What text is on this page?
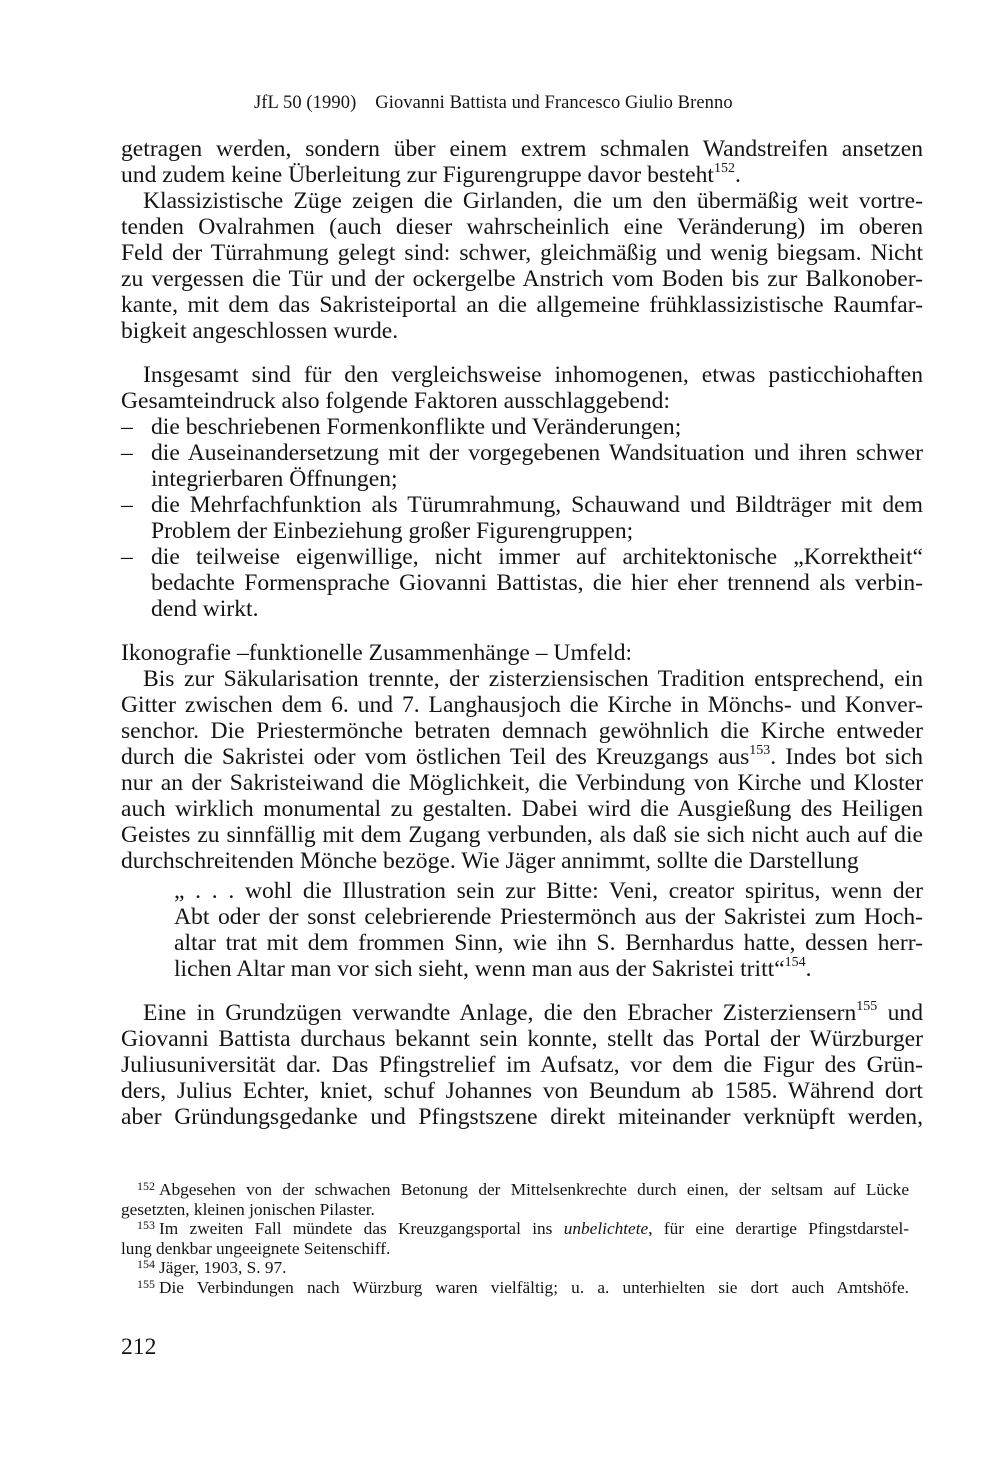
JfL 50 (1990)    Giovanni Battista und Francesco Giulio Brenno
getragen werden, sondern über einem extrem schmalen Wandstreifen ansetzen
und zudem keine Überleitung zur Figurengruppe davor besteht$^{152}$.
Klassizistische Züge zeigen die Girlanden, die um den übermäßig weit vortre-
tenden Ovalrahmen (auch dieser wahrscheinlich eine Veränderung) im oberen
Feld der Türrahmung gelegt sind: schwer, gleichmäßig und wenig biegsam. Nicht
zu vergessen die Tür und der ockergelbe Anstrich vom Boden bis zur Balkonober-
kante, mit dem das Sakristeiportal an die allgemeine frühklassizistische Raumfar-
bigkeit angeschlossen wurde.
Insgesamt sind für den vergleichsweise inhomogenen, etwas pasticchiohaften
Gesamteindruck also folgende Faktoren ausschlaggebend:
– die beschriebenen Formenkonflikte und Veränderungen;
– die Auseinandersetzung mit der vorgegebenen Wandsituation und ihren schwer
integrierbaren Öffnungen;
– die Mehrfachfunktion als Türumrahmung, Schauwand und Bildträger mit dem
Problem der Einbeziehung großer Figurengruppen;
– die teilweise eigenwillige, nicht immer auf architektonische „Korrektheit“
bedachte Formensprache Giovanni Battistas, die hier eher trennend als verbin-
dend wirkt.
Ikonografie –funktionelle Zusammenhänge – Umfeld:
Bis zur Säkularisation trennte, der zisterziensischen Tradition entsprechend, ein
Gitter zwischen dem 6. und 7. Langhausjoch die Kirche in Mönchs- und Konver-
senchor. Die Priestermönche betraten demnach gewöhnlich die Kirche entweder
durch die Sakristei oder vom östlichen Teil des Kreuzgangs aus$^{153}$. Indes bot sich
nur an der Sakristeiwand die Möglichkeit, die Verbindung von Kirche und Kloster
auch wirklich monumental zu gestalten. Dabei wird die Ausgießung des Heiligen
Geistes zu sinnfällig mit dem Zugang verbunden, als daß sie sich nicht auch auf die
durchschreitenden Mönche bezöge. Wie Jäger annimmt, sollte die Darstellung
„ . . . wohl die Illustration sein zur Bitte: Veni, creator spiritus, wenn der
Abt oder der sonst celebrierende Priestermönch aus der Sakristei zum Hoch-
altar trat mit dem frommen Sinn, wie ihn S. Bernhardus hatte, dessen herr-
lichen Altar man vor sich sieht, wenn man aus der Sakristei tritt“$^{154}$.
Eine in Grundzügen verwandte Anlage, die den Ebracher Zisterziensern$^{155}$ und
Giovanni Battista durchaus bekannt sein konnte, stellt das Portal der Würzburger
Juliusuniversität dar. Das Pfingstrelief im Aufsatz, vor dem die Figur des Grün-
ders, Julius Echter, kniet, schuf Johannes von Beundum ab 1585. Während dort
aber Gründungsgedanke und Pfingstszene direkt miteinander verknüpft werden,
$^{152}$ Abgesehen von der schwachen Betonung der Mittelsenkrechte durch einen, der seltsam auf Lücke
gesetzten, kleinen jonischen Pilaster.
$^{153}$ Im zweiten Fall mündete das Kreuzgangsportal ins unbelichtete, für eine derartige Pfingstdarstel-
lung denkbar ungeeignete Seitenschiff.
$^{154}$ Jäger, 1903, S. 97.
$^{155}$ Die Verbindungen nach Würzburg waren vielfältig; u. a. unterhielten sie dort auch Amtshöfe.
212
